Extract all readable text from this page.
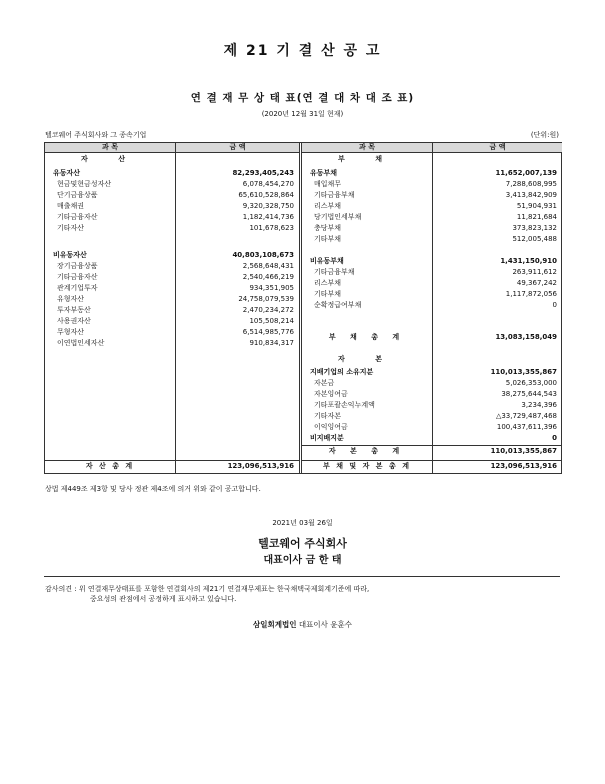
제 21 기 결 산 공 고
연 결 재 무 상 태 표(연 결 대 차 대 조 표)
(2020년 12월 31일 현재)
텔코웨어 주식회사와 그 종속기업	(단위:원)
과 목	금 액
자 산
유동자산	82,293,405,243
현금및현금성자산	6,078,454,270
단기금융상품	65,610,528,864
매출채권	9,320,328,750
기타금융자산	1,182,414,736
기타자산	101,678,623
비유동자산	40,803,108,673
장기금융상품	2,568,648,431
기타금융자산	2,540,466,219
관계기업투자	934,351,905
유형자산	24,758,079,539
투자부동산	2,470,234,272
사용권자산	105,508,214
무형자산	6,514,985,776
이연법인세자산	910,834,317
자 산 총 계	123,096,513,916
과 목	금 액
부 채
유동부채	11,652,007,139
매입채무	7,288,608,995
기타금융부채	3,413,842,909
리스부채	51,904,931
당기법인세부채	11,821,684
충당부채	373,823,132
기타부채	512,005,488
비유동부채	1,431,150,910
기타금융부채	263,911,612
리스부채	49,367,242
기타부채	1,117,872,056
순확정급여부채	0
부 채 총 계	13,083,158,049
자 본
지배기업의 소유지분	110,013,355,867
자본금	5,026,353,000
자본잉여금	38,275,644,543
기타포괄손익누계액	3,234,396
기타자본	△33,729,487,468
이익잉여금	100,437,611,396
비지배지분	0
자 본 총 계	110,013,355,867
부 채 및 자 본 총 계	123,096,513,916
상법 제449조 제3항 및 당사 정관 제4조에 의거 위와 같이 공고합니다.
2021년 03월 26일
텔코웨어 주식회사
대표이사 금 한 태
감사의견 : 위 연결재무상태표를 포함한 연결회사의 제21기 연결재무제표는 한국채택국제회계기준에 따라,
중요성의 관점에서 공정하게 표시하고 있습니다.
삼일회계법인 대표이사 윤훈수
